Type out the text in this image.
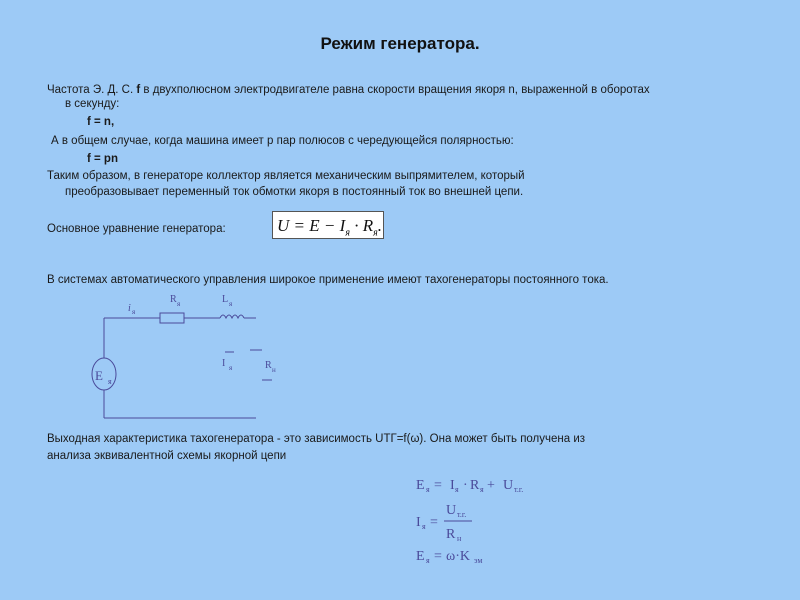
Режим генератора.
Частота Э. Д. С. f в двухполюсном электродвигателе равна скорости вращения якоря n, выраженной в оборотах
в секунду:
f = n,
А в общем случае, когда машина имеет p пар полюсов с чередующейся полярностью:
f = pn
Таким образом, в генераторе коллектор является механическим выпрямителем, который
преобразовывает переменный ток обмотки якоря в постоянный ток во внешней цепи.
Основное уравнение генератора:	$U = E - I_я \cdot R_я$.
В системах автоматического управления широкое применение имеют тахогенераторы постоянного тока.
i я
R я	L я
E я
I я	R н
Выходная характеристика тахогенератора - это зависимость UТГ=f(ω). Она может быть получена из
анализа эквивалентной схемы якорной цепи
E я = I я · R я + U т.г.
I я =
U т.г.
R н
E я = ω·K эм
